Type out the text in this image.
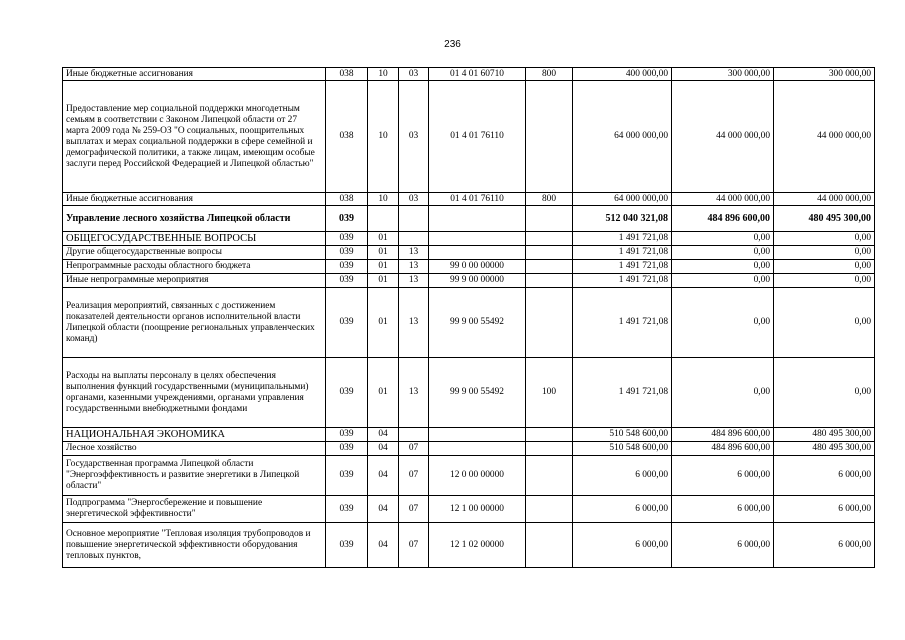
236
Иные бюджетные ассигнования	038	10	03	01 4 01 60710	800	400 000,00	300 000,00	300 000,00
Предоставление мер социальной поддержки многодетным семьям в соответствии с Законом Липецкой области от 27 марта 2009 года № 259-ОЗ "О социальных, поощрительных выплатах и мерах социальной поддержки в сфере семейной и демографической политики, а также лицам, имеющим особые заслуги перед Российской Федерацией и Липецкой областью"	038	10	03	01 4 01 76110		64 000 000,00	44 000 000,00	44 000 000,00
Иные бюджетные ассигнования	038	10	03	01 4 01 76110	800	64 000 000,00	44 000 000,00	44 000 000,00
Управление лесного хозяйства Липецкой области	039					512 040 321,08	484 896 600,00	480 495 300,00
ОБЩЕГОСУДАРСТВЕННЫЕ ВОПРОСЫ	039	01				1 491 721,08	0,00	0,00
Другие общегосударственные вопросы	039	01	13			1 491 721,08	0,00	0,00
Непрограммные расходы областного бюджета	039	01	13	99 0 00 00000		1 491 721,08	0,00	0,00
Иные непрограммные мероприятия	039	01	13	99 9 00 00000		1 491 721,08	0,00	0,00
Реализация мероприятий, связанных с достижением показателей деятельности органов исполнительной власти Липецкой области (поощрение региональных управленческих команд)	039	01	13	99 9 00 55492		1 491 721,08	0,00	0,00
Расходы на выплаты персоналу в целях обеспечения выполнения функций государственными (муниципальными) органами, казенными учреждениями, органами управления государственными внебюджетными фондами	039	01	13	99 9 00 55492	100	1 491 721,08	0,00	0,00
НАЦИОНАЛЬНАЯ ЭКОНОМИКА	039	04				510 548 600,00	484 896 600,00	480 495 300,00
Лесное хозяйство	039	04	07			510 548 600,00	484 896 600,00	480 495 300,00
Государственная программа Липецкой области "Энергоэффективность и развитие энергетики в Липецкой области"	039	04	07	12 0 00 00000		6 000,00	6 000,00	6 000,00
Подпрограмма "Энергосбережение и повышение энергетической эффективности"	039	04	07	12 1 00 00000		6 000,00	6 000,00	6 000,00
Основное мероприятие "Тепловая изоляция трубопроводов и повышение энергетической эффективности оборудования тепловых пунктов,	039	04	07	12 1 02 00000		6 000,00	6 000,00	6 000,00
